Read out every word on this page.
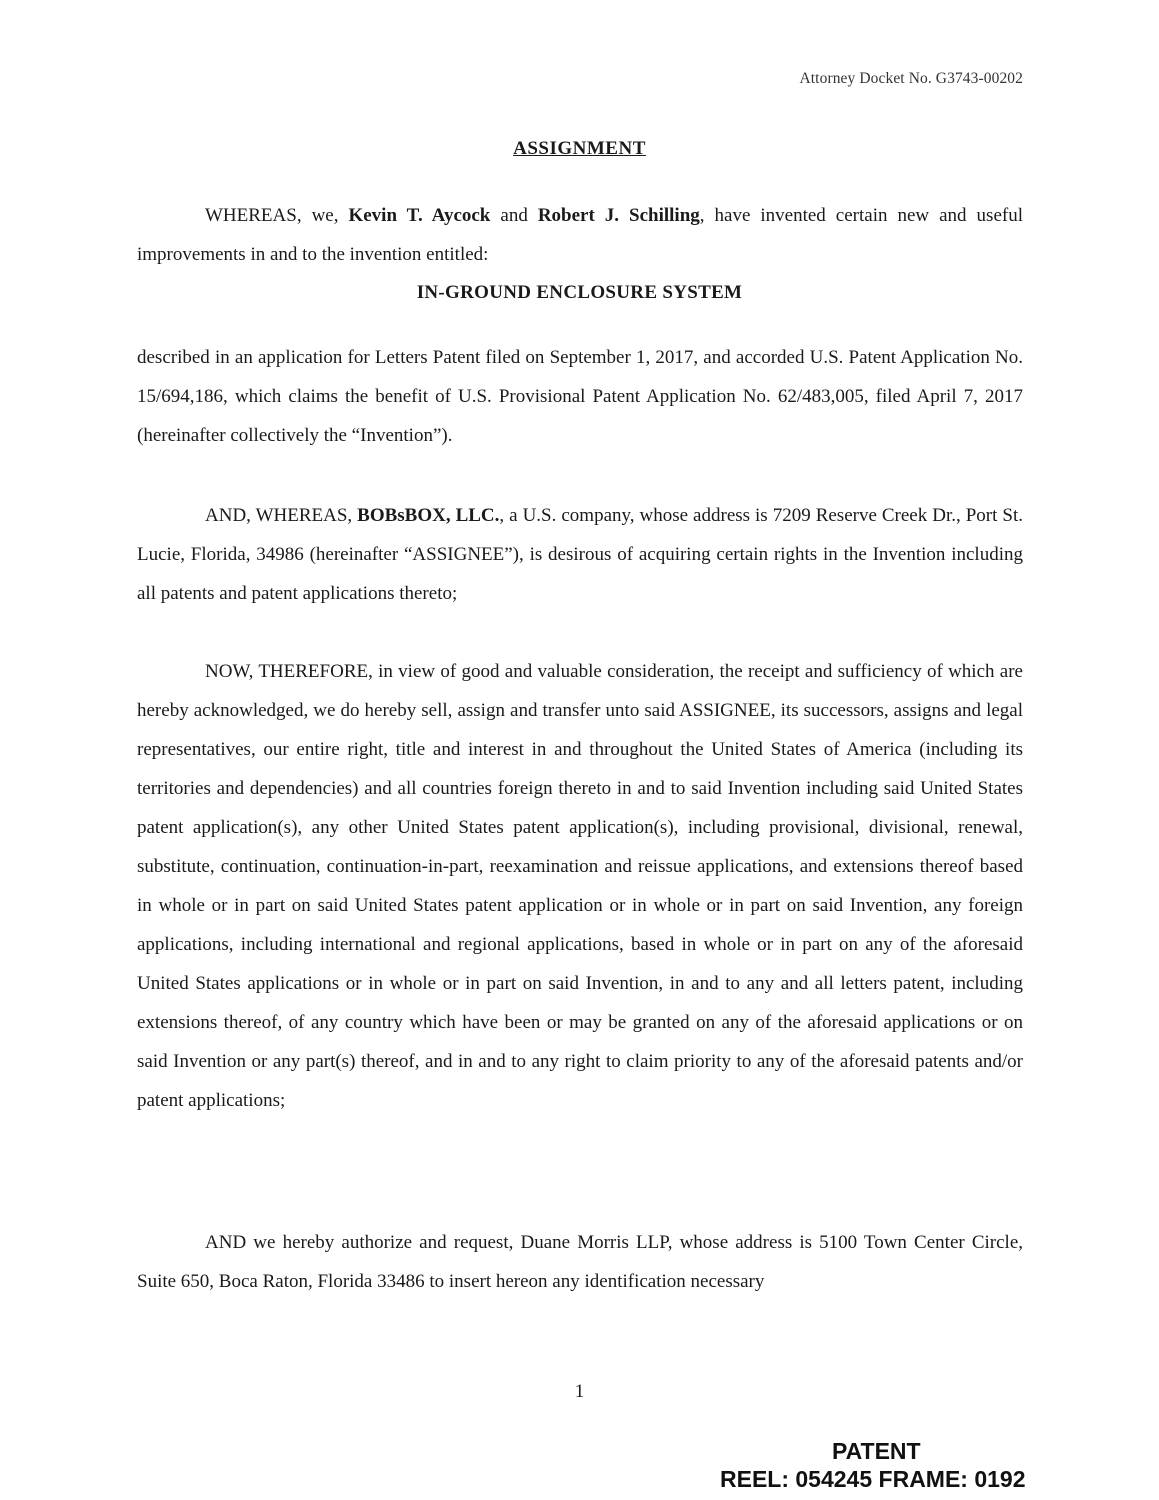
Attorney Docket No. G3743-00202
ASSIGNMENT

WHEREAS, we, Kevin T. Aycock and Robert J. Schilling, have invented certain new and useful improvements in and to the invention entitled:

IN-GROUND ENCLOSURE SYSTEM

described in an application for Letters Patent filed on September 1, 2017, and accorded U.S. Patent Application No. 15/694,186, which claims the benefit of U.S. Provisional Patent Application No. 62/483,005, filed April 7, 2017 (hereinafter collectively the “Invention”).

AND, WHEREAS, BOBsBOX, LLC., a U.S. company, whose address is 7209 Reserve Creek Dr., Port St. Lucie, Florida, 34986 (hereinafter “ASSIGNEE”), is desirous of acquiring certain rights in the Invention including all patents and patent applications thereto;

NOW, THEREFORE, in view of good and valuable consideration, the receipt and sufficiency of which are hereby acknowledged, we do hereby sell, assign and transfer unto said ASSIGNEE, its successors, assigns and legal representatives, our entire right, title and interest in and throughout the United States of America (including its territories and dependencies) and all countries foreign thereto in and to said Invention including said United States patent application(s), any other United States patent application(s), including provisional, divisional, renewal, substitute, continuation, continuation-in-part, reexamination and reissue applications, and extensions thereof based in whole or in part on said United States patent application or in whole or in part on said Invention, any foreign applications, including international and regional applications, based in whole or in part on any of the aforesaid United States applications or in whole or in part on said Invention, in and to any and all letters patent, including extensions thereof, of any country which have been or may be granted on any of the aforesaid applications or on said Invention or any part(s) thereof, and in and to any right to claim priority to any of the aforesaid patents and/or patent applications;

AND we hereby authorize and request, Duane Morris LLP, whose address is 5100 Town Center Circle, Suite 650, Boca Raton, Florida 33486 to insert hereon any identification necessary

1
PATENT
REEL: 054245 FRAME: 0192
